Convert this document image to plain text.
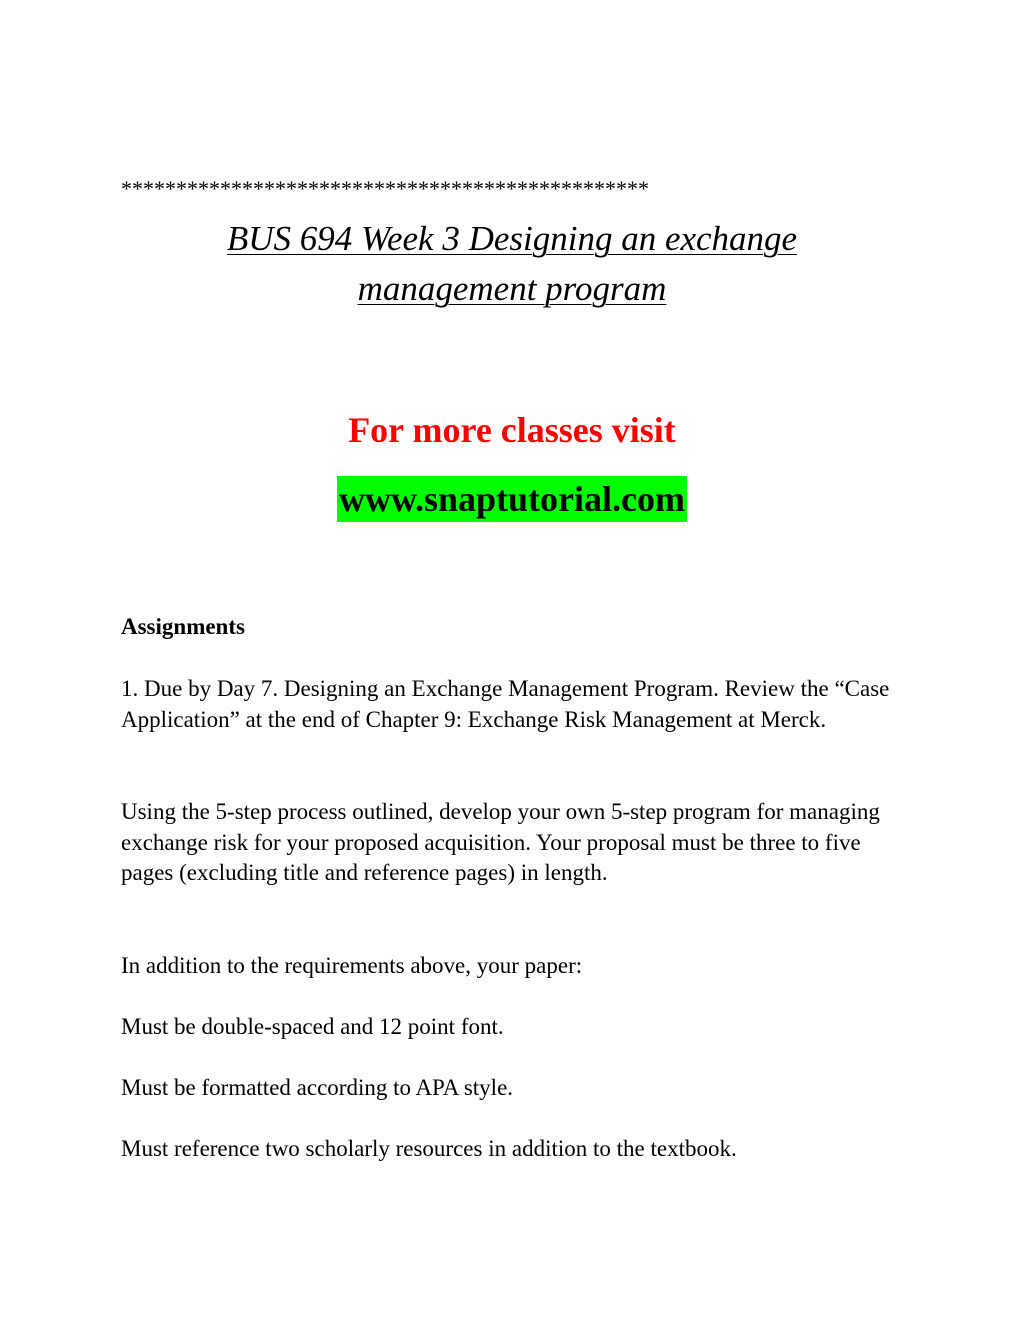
************************************************
BUS 694 Week 3 Designing an exchange
management program
For more classes visit
www.snaptutorial.com
Assignments

1. Due by Day 7. Designing an Exchange Management Program. Review the “Case Application” at the end of Chapter 9: Exchange Risk Management at Merck.

Using the 5-step process outlined, develop your own 5-step program for managing exchange risk for your proposed acquisition. Your proposal must be three to five pages (excluding title and reference pages) in length.

In addition to the requirements above, your paper:

Must be double-spaced and 12 point font.

Must be formatted according to APA style.

Must reference two scholarly resources in addition to the textbook.
